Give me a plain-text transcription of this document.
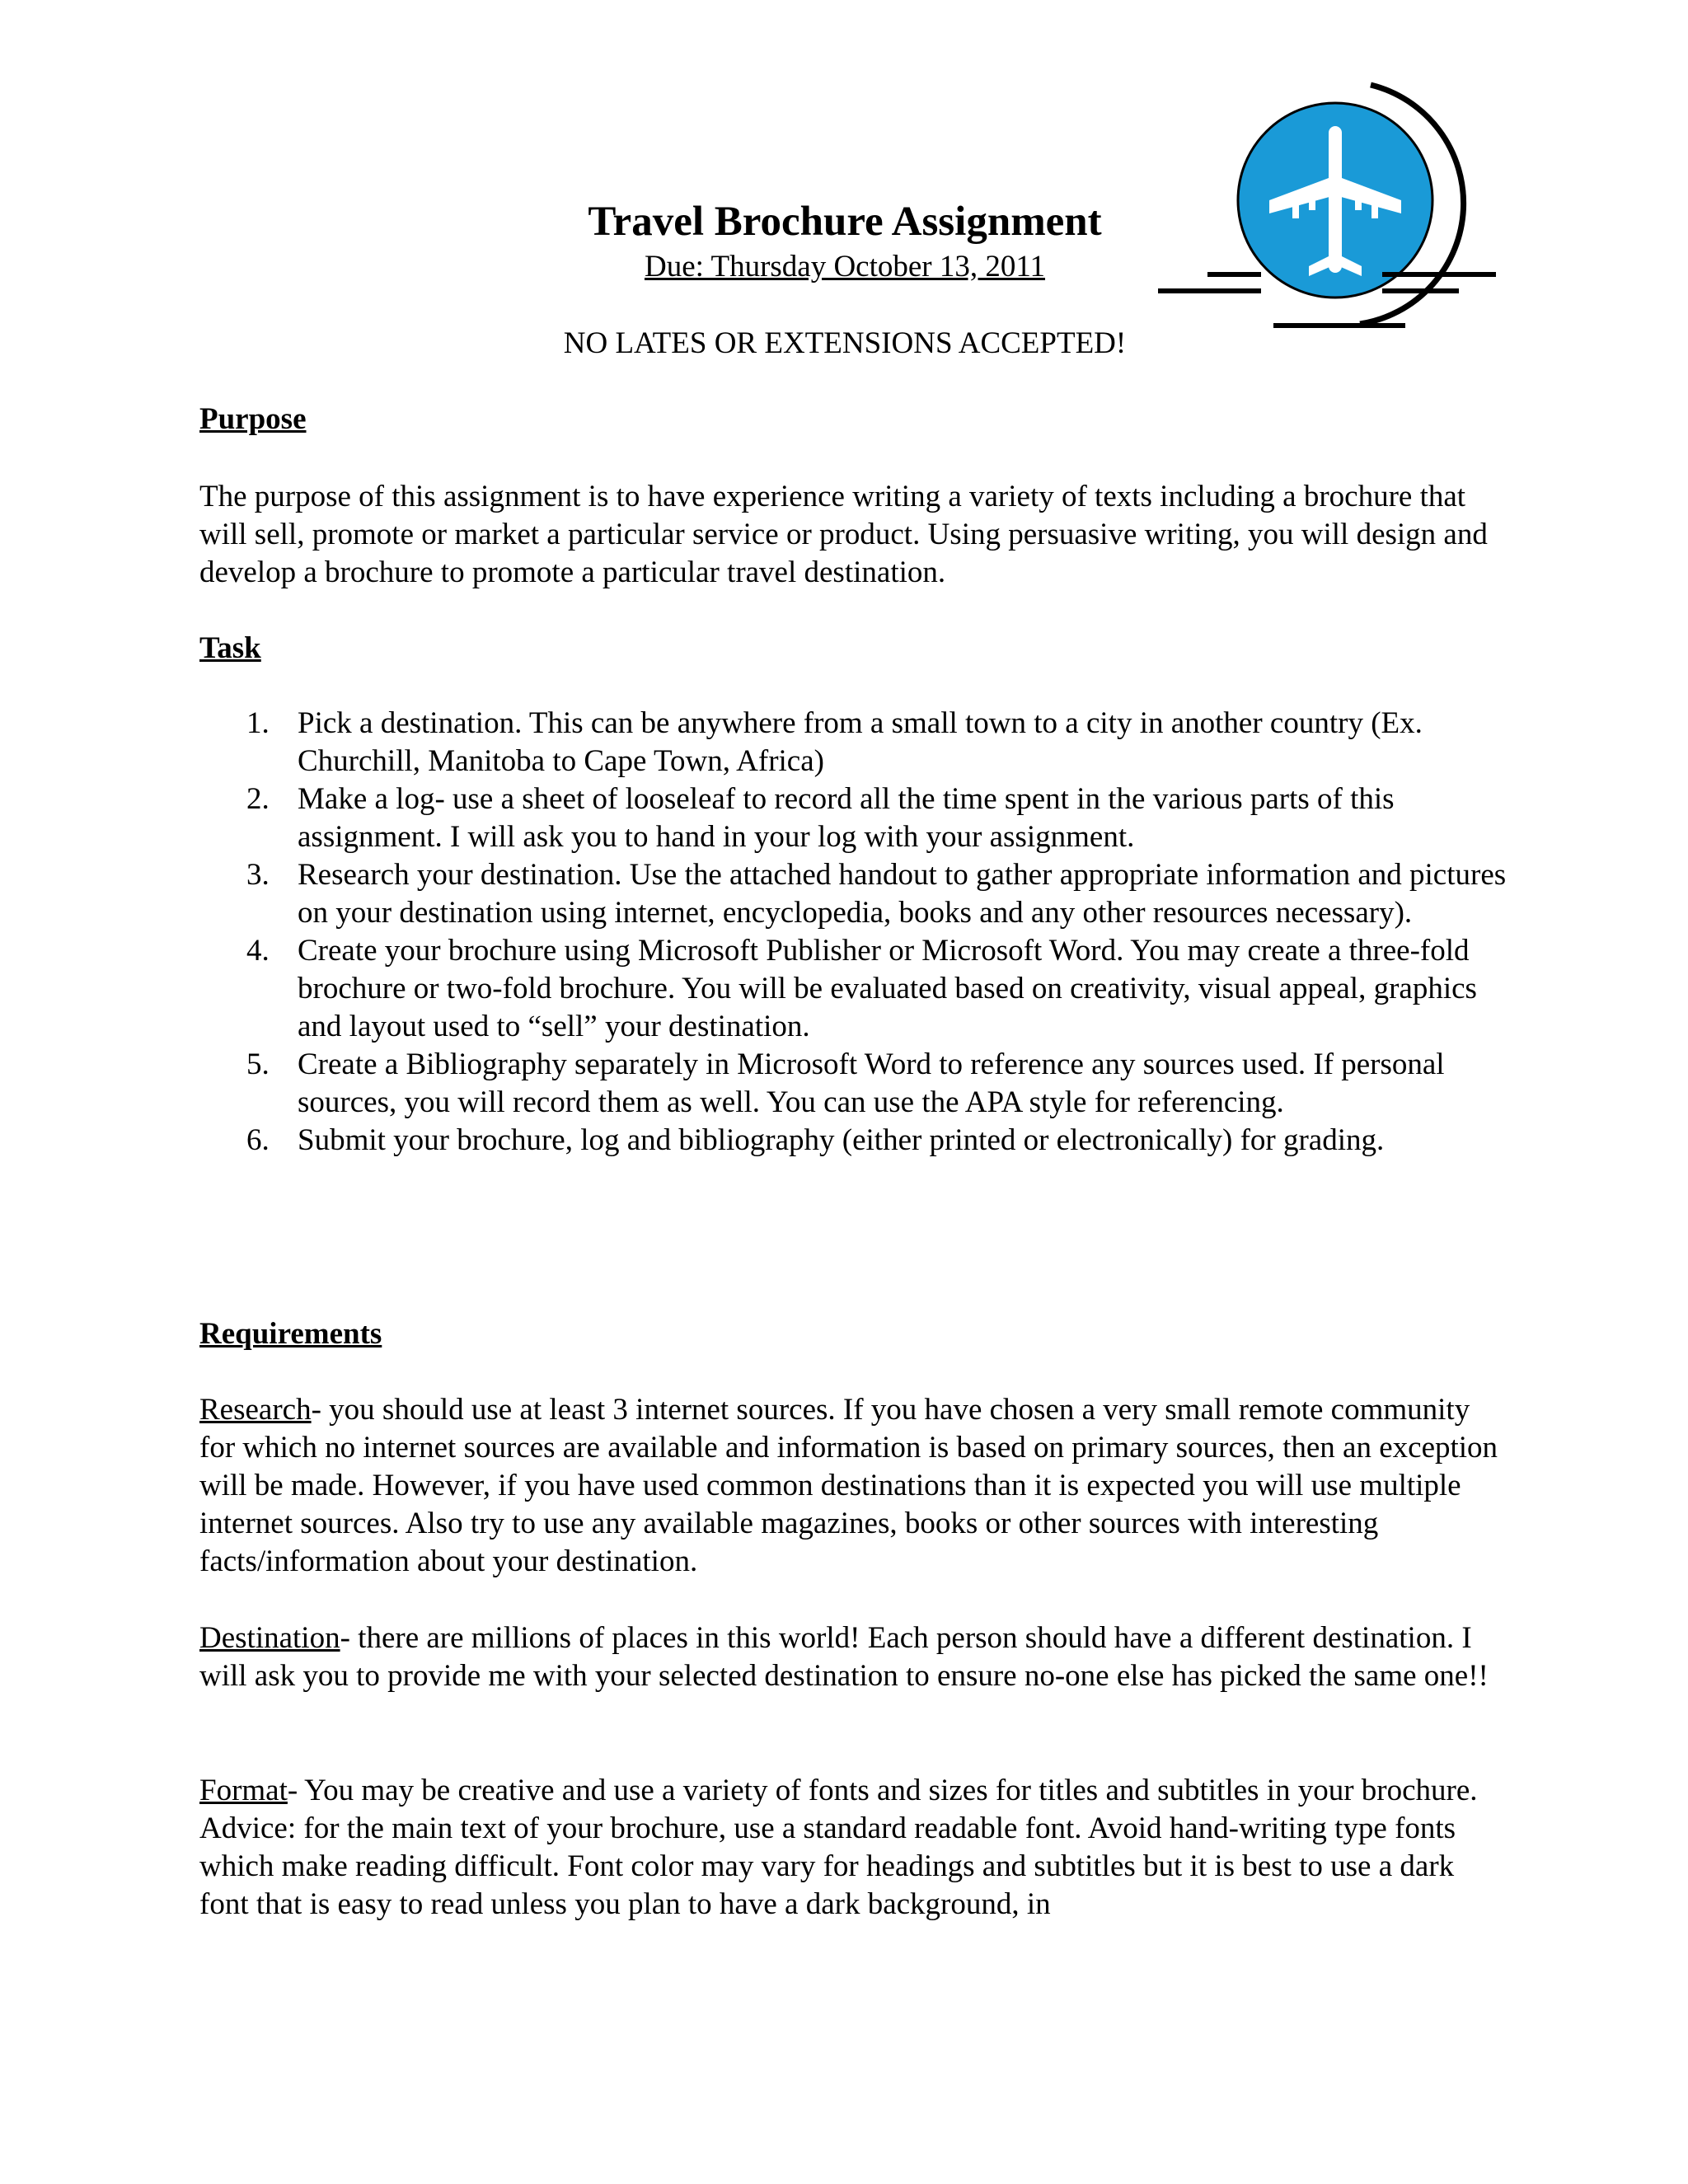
Travel Brochure Assignment
Due: Thursday October 13, 2011
NO LATES OR EXTENSIONS ACCEPTED!
Purpose

The purpose of this assignment is to have experience writing a variety of texts including a brochure that will sell, promote or market a particular service or product. Using persuasive writing, you will design and develop a brochure to promote a particular travel destination.

Task
1. Pick a destination. This can be anywhere from a small town to a city in another country (Ex. Churchill, Manitoba to Cape Town, Africa)
2. Make a log- use a sheet of looseleaf to record all the time spent in the various parts of this assignment. I will ask you to hand in your log with your assignment.
3. Research your destination. Use the attached handout to gather appropriate information and pictures on your destination using internet, encyclopedia, books and any other resources necessary).
4. Create your brochure using Microsoft Publisher or Microsoft Word. You may create a three-fold brochure or two-fold brochure. You will be evaluated based on creativity, visual appeal, graphics and layout used to “sell” your destination.
5. Create a Bibliography separately in Microsoft Word to reference any sources used. If personal sources, you will record them as well. You can use the APA style for referencing.
6. Submit your brochure, log and bibliography (either printed or electronically) for grading.
Requirements

Research- you should use at least 3 internet sources. If you have chosen a very small remote community for which no internet sources are available and information is based on primary sources, then an exception will be made. However, if you have used common destinations than it is expected you will use multiple internet sources. Also try to use any available magazines, books or other sources with interesting facts/information about your destination.

Destination- there are millions of places in this world! Each person should have a different destination. I will ask you to provide me with your selected destination to ensure no-one else has picked the same one!!

Format- You may be creative and use a variety of fonts and sizes for titles and subtitles in your brochure. Advice: for the main text of your brochure, use a standard readable font. Avoid hand-writing type fonts which make reading difficult. Font color may vary for headings and subtitles but it is best to use a dark font that is easy to read unless you plan to have a dark background, in
